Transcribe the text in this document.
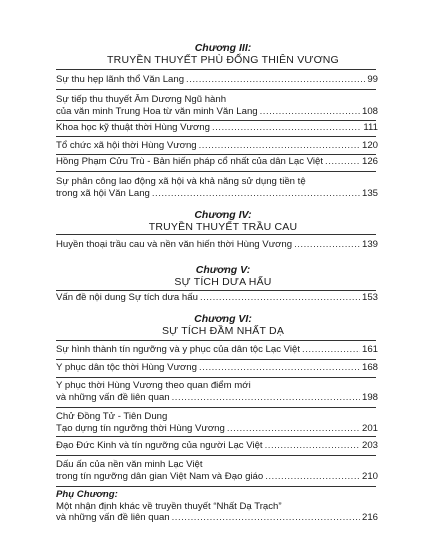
Chương III:
TRUYỀN THUYẾT PHÙ ĐỔNG THIÊN VƯƠNG
Sự thu hẹp lãnh thổ Văn Lang .....	99
Sự tiếp thu thuyết Âm Dương Ngũ hành
của văn minh Trung Hoa từ văn minh Văn Lang .....	108
Khoa học kỹ thuật thời Hùng Vương .....	111
Tổ chức xã hội thời Hùng Vương .....	120
Hồng Phạm Cửu Trù - Bản hiến pháp cổ nhất của dân Lạc Việt .....	126
Sự phân công lao động xã hội và khả năng sử dụng tiền tệ
trong xã hội Văn Lang .....	135
Chương IV:
TRUYỀN THUYẾT TRẦU CAU
Huyền thoại trầu cau và nền văn hiến thời Hùng Vương .....	139
Chương V:
SỰ TÍCH DƯA HẤU
Vấn đề nội dung Sự tích dưa hấu .....	153
Chương VI:
SỰ TÍCH ĐẦM NHẤT DẠ
Sự hình thành tín ngưỡng và y phục của dân tộc Lạc Việt .....	161
Y phục dân tộc thời Hùng Vương .....	168
Y phục thời Hùng Vương theo quan điểm mới
và những vấn đề liên quan .....	198
Chử Đồng Tử - Tiên Dung
Tạo dựng tín ngưỡng thời Hùng Vương .....	201
Đạo Đức Kinh và tín ngưỡng của người Lạc Việt .....	203
Dấu ấn của nền văn minh Lạc Việt
trong tín ngưỡng dân gian Việt Nam và Đạo giáo .....	210
Phụ Chương:
Một nhận định khác về truyền thuyết “Nhất Dạ Trạch”
và những vấn đề liên quan .....	216
